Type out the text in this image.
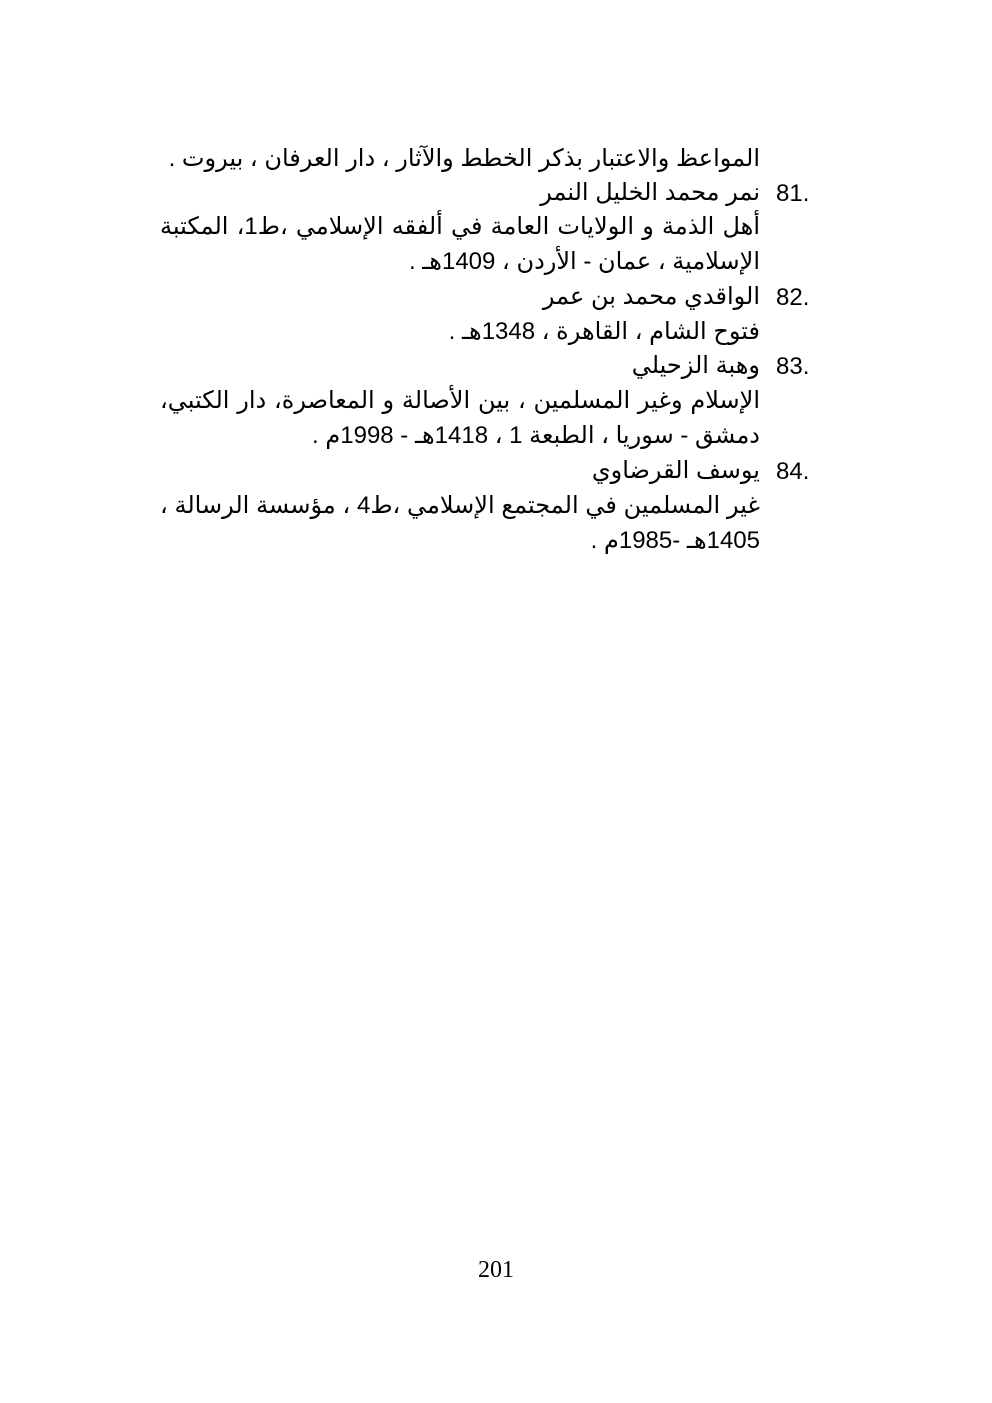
المواعظ والاعتبار بذكر الخطط والآثار ، دار العرفان ، بيروت .
81.
نمر محمد الخليل النمر
أهل الذمة و الولايات العامة في ألفقه الإسلامي ،ط1، المكتبة
الإسلامية ، عمان - الأردن ، 1409هـ .
82.
الواقدي محمد بن عمر
فتوح الشام ، القاهرة ، 1348هـ .
83.
وهبة الزحيلي
الإسلام وغير المسلمين ، بين الأصالة و المعاصرة، دار الكتبي،
دمشق - سوريا ، الطبعة 1 ، 1418هـ - 1998م .
84.
يوسف القرضاوي
غير المسلمين في المجتمع الإسلامي ،ط4 ، مؤسسة الرسالة ،
1405هـ -1985م .
201
